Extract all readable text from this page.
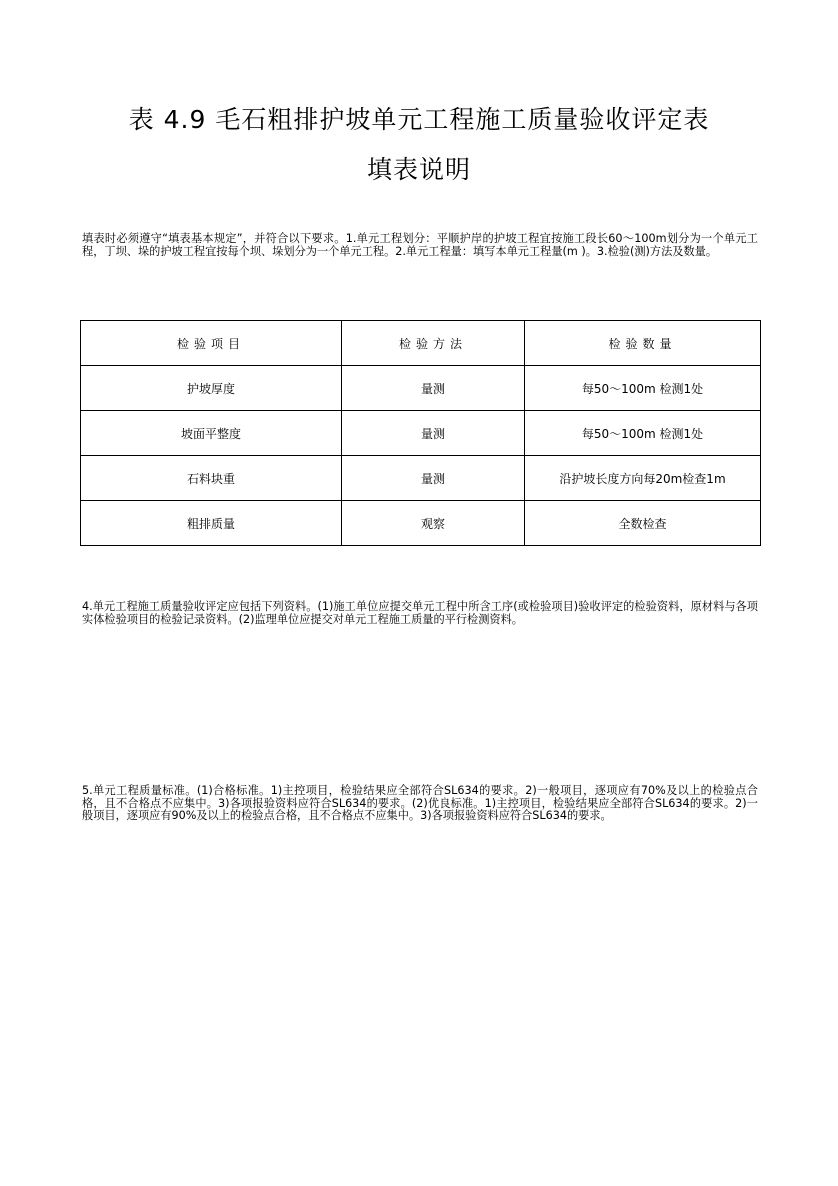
表 4.9 毛石粗排护坡单元工程施工质量验收评定表
填表说明
填表时必须遵守“填表基本规定”，并符合以下要求。1.单元工程划分：平顺护岸的护坡工程宜按施工段长60～100m划分为一个单元工程，丁坝、垛的护坡工程宜按每个坝、垛划分为一个单元工程。2.单元工程量：填写本单元工程量(m )。3.检验(测)方法及数量。
检验项目	检验方法	检验数量
护坡厚度	量测	每50～100m 检测1处
坡面平整度	量测	每50～100m 检测1处
石料块重	量测	沿护坡长度方向每20m检查1m
粗排质量	观察	全数检查
4.单元工程施工质量验收评定应包括下列资料。(1)施工单位应提交单元工程中所含工序(或检验项目)验收评定的检验资料，原材料与各项实体检验项目的检验记录资料。(2)监理单位应提交对单元工程施工质量的平行检测资料。
5.单元工程质量标准。(1)合格标准。1)主控项目，检验结果应全部符合SL634的要求。2)一般项目，逐项应有70%及以上的检验点合格，且不合格点不应集中。3)各项报验资料应符合SL634的要求。(2)优良标准。1)主控项目，检验结果应全部符合SL634的要求。2)一般项目，逐项应有90%及以上的检验点合格，且不合格点不应集中。3)各项报验资料应符合SL634的要求。
